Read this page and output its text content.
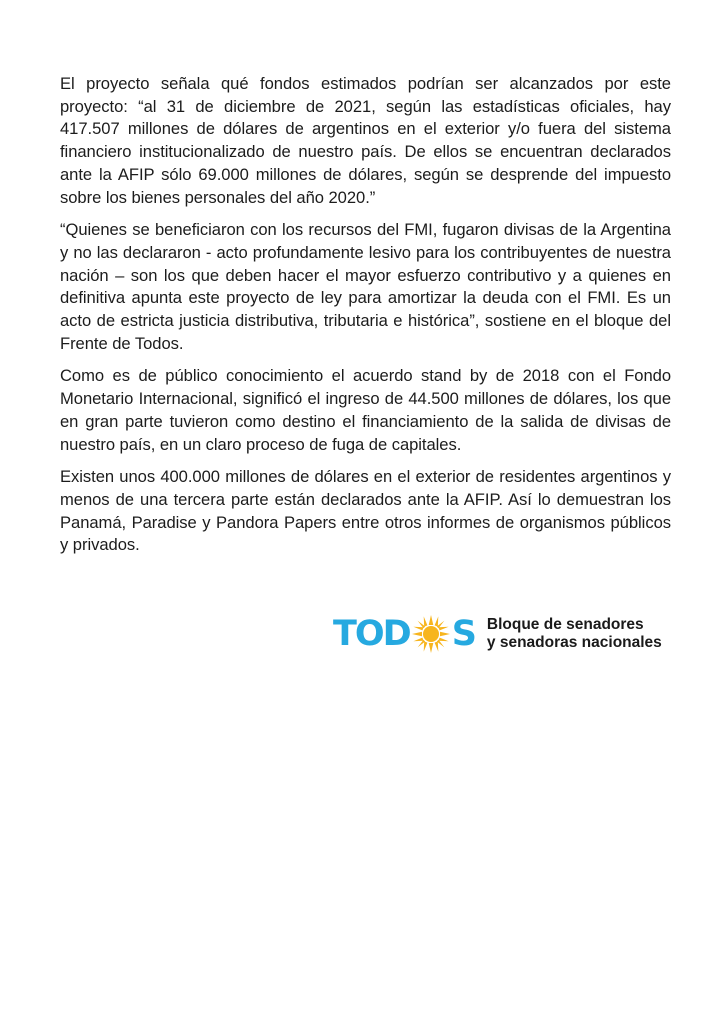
El proyecto señala qué fondos estimados podrían ser alcanzados por este proyecto: “al 31 de diciembre de 2021, según las estadísticas oficiales, hay 417.507 millones de dólares de argentinos en el exterior y/o fuera del sistema financiero institucionalizado de nuestro país. De ellos se encuentran declarados ante la AFIP sólo 69.000 millones de dólares, según se desprende del impuesto sobre los bienes personales del año 2020.”

“Quienes se beneficiaron con los recursos del FMI, fugaron divisas de la Argentina y no las declararon - acto profundamente lesivo para los contribuyentes de nuestra nación – son los que deben hacer el mayor esfuerzo contributivo y a quienes en definitiva apunta este proyecto de ley para amortizar la deuda con el FMI. Es un acto de estricta justicia distributiva, tributaria e histórica”, sostiene en el bloque del Frente de Todos.

Como es de público conocimiento el acuerdo stand by de 2018 con el Fondo Monetario Internacional, significó el ingreso de 44.500 millones de dólares, los que en gran parte tuvieron como destino el financiamiento de la salida de divisas de nuestro país, en un claro proceso de fuga de capitales.

Existen unos 400.000 millones de dólares en el exterior de residentes argentinos y menos de una tercera parte están declarados ante la AFIP. Así lo demuestran los Panamá, Paradise y Pandora Papers entre otros informes de organismos públicos y privados.

TOD S Bloque de senadores
y senadoras nacionales
